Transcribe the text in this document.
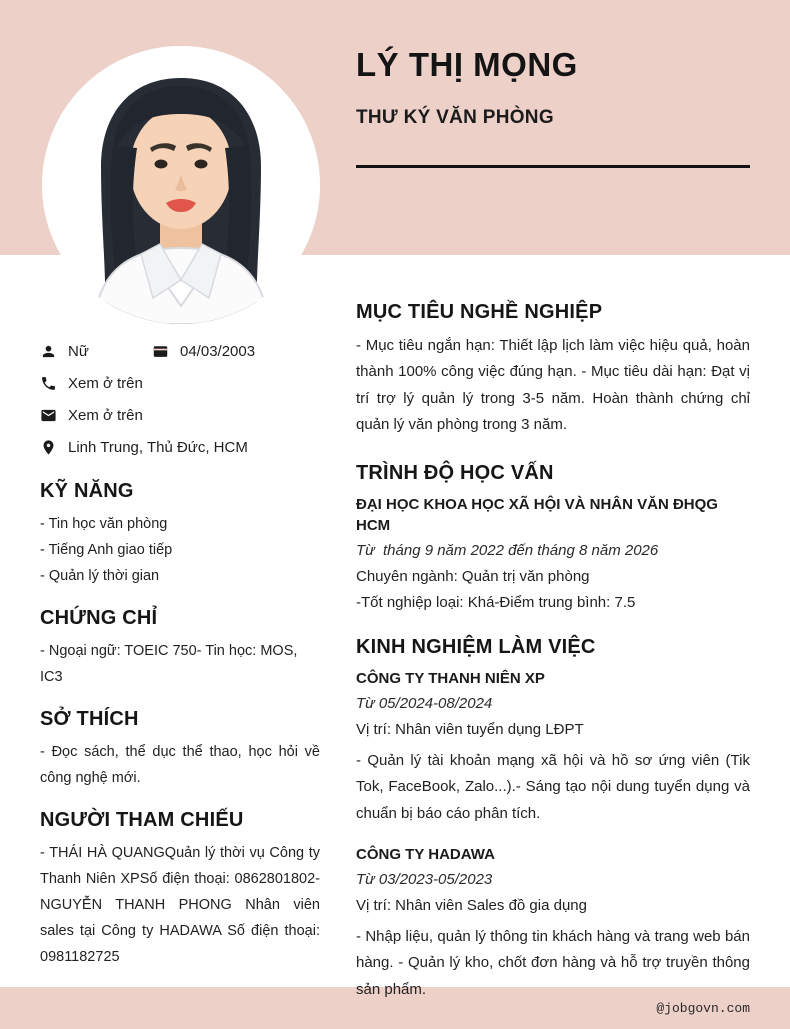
LÝ THỊ MỌNG
THƯ KÝ VĂN PHÒNG
Nữ	04/03/2003
Xem ở trên
Xem ở trên
Linh Trung, Thủ Đức, HCM
KỸ NĂNG
- Tin học văn phòng
- Tiếng Anh giao tiếp
- Quản lý thời gian
CHỨNG CHỈ
- Ngoại ngữ: TOEIC 750- Tin học: MOS, IC3
SỞ THÍCH
- Đọc sách, thể dục thể thao, học hỏi về công nghệ mới.
NGƯỜI THAM CHIẾU
- THÁI HÀ QUANGQuản lý thời vụ Công ty Thanh Niên XPSố điện thoại: 0862801802- NGUYỄN THANH PHONG Nhân viên sales tại Công ty HADAWA Số điện thoại: 0981182725
MỤC TIÊU NGHỀ NGHIỆP
- Mục tiêu ngắn hạn: Thiết lập lịch làm việc hiệu quả, hoàn thành 100% công việc đúng hạn. - Mục tiêu dài hạn: Đạt vị trí trợ lý quản lý trong 3-5 năm. Hoàn thành chứng chỉ quản lý văn phòng trong 3 năm.
TRÌNH ĐỘ HỌC VẤN
ĐẠI HỌC KHOA HỌC XÃ HỘI VÀ NHÂN VĂN ĐHQG HCM
Từ  tháng 9 năm 2022 đến tháng 8 năm 2026
Chuyên ngành: Quản trị văn phòng
-Tốt nghiệp loại: Khá-Điểm trung bình: 7.5
KINH NGHIỆM LÀM VIỆC
CÔNG TY THANH NIÊN XP
Từ 05/2024-08/2024
Vị trí: Nhân viên tuyển dụng LĐPT
- Quản lý tài khoản mạng xã hội và hồ sơ ứng viên (Tik Tok, FaceBook, Zalo...).- Sáng tạo nội dung tuyển dụng và chuẩn bị báo cáo phân tích.
CÔNG TY HADAWA
Từ 03/2023-05/2023
Vị trí: Nhân viên Sales đồ gia dụng
- Nhập liệu, quản lý thông tin khách hàng và trang web bán hàng. - Quản lý kho, chốt đơn hàng và hỗ trợ truyền thông sản phẩm.
@jobgovn.com
